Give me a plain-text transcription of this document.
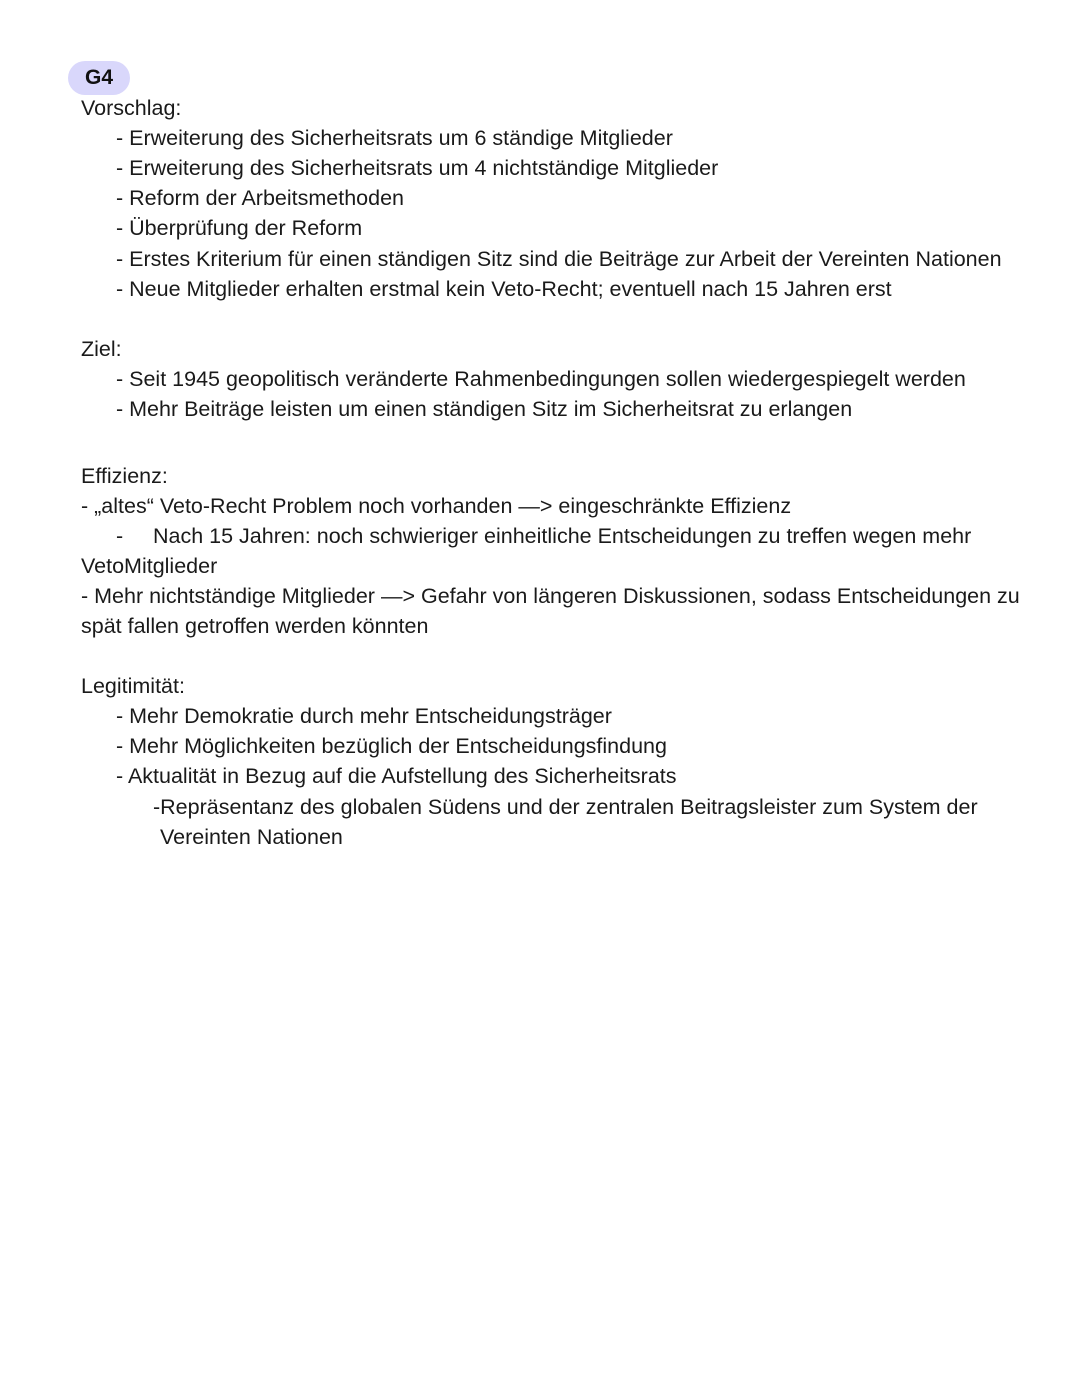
G4
Vorschlag:
- Erweiterung des Sicherheitsrats um 6 ständige Mitglieder
- Erweiterung des Sicherheitsrats um 4 nichtständige Mitglieder
- Reform der Arbeitsmethoden
- Überprüfung der Reform
- Erstes Kriterium für einen ständigen Sitz sind die Beiträge zur Arbeit der Vereinten Nationen
- Neue Mitglieder erhalten erstmal kein Veto-Recht; eventuell nach 15 Jahren erst
Ziel:
- Seit 1945 geopolitisch veränderte Rahmenbedingungen sollen wiedergespiegelt werden
- Mehr Beiträge leisten um einen ständigen Sitz im Sicherheitsrat zu erlangen
Effizienz:
- „altes“ Veto-Recht Problem noch vorhanden —> eingeschränkte Effizienz
- Nach 15 Jahren: noch schwieriger einheitliche Entscheidungen zu treffen wegen mehr
VetoMitglieder
- Mehr nichtständige Mitglieder —> Gefahr von längeren Diskussionen, sodass Entscheidungen zu
spät fallen getroffen werden könnten
Legitimität:
- Mehr Demokratie durch mehr Entscheidungsträger
- Mehr Möglichkeiten bezüglich der Entscheidungsfindung
- Aktualität in Bezug auf die Aufstellung des Sicherheitsrats
-Repräsentanz des globalen Südens und der zentralen Beitragsleister zum System der
Vereinten Nationen
